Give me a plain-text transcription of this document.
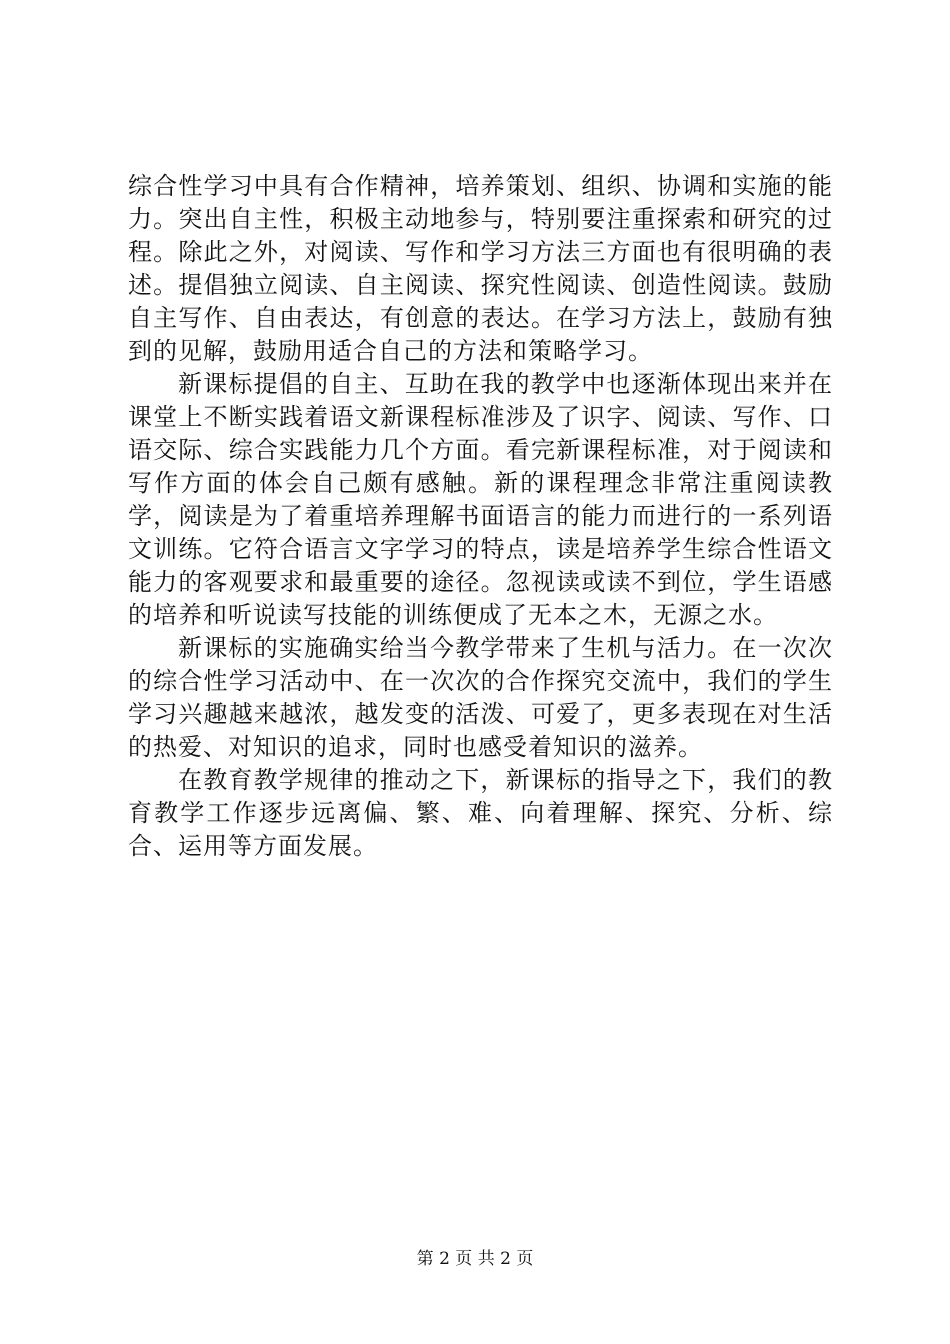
综合性学习中具有合作精神，培养策划、组织、协调和实施的能力。突出自主性，积极主动地参与，特别要注重探索和研究的过程。除此之外，对阅读、写作和学习方法三方面也有很明确的表述。提倡独立阅读、自主阅读、探究性阅读、创造性阅读。鼓励自主写作、自由表达，有创意的表达。在学习方法上，鼓励有独到的见解，鼓励用适合自己的方法和策略学习。

新课标提倡的自主、互助在我的教学中也逐渐体现出来并在课堂上不断实践着语文新课程标准涉及了识字、阅读、写作、口语交际、综合实践能力几个方面。看完新课程标准，对于阅读和写作方面的体会自己颇有感触。新的课程理念非常注重阅读教学，阅读是为了着重培养理解书面语言的能力而进行的一系列语文训练。它符合语言文字学习的特点，读是培养学生综合性语文能力的客观要求和最重要的途径。忽视读或读不到位，学生语感的培养和听说读写技能的训练便成了无本之木，无源之水。

新课标的实施确实给当今教学带来了生机与活力。在一次次的综合性学习活动中、在一次次的合作探究交流中，我们的学生学习兴趣越来越浓，越发变的活泼、可爱了，更多表现在对生活的热爱、对知识的追求，同时也感受着知识的滋养。

在教育教学规律的推动之下，新课标的指导之下，我们的教育教学工作逐步远离偏、繁、难、向着理解、探究、分析、综合、运用等方面发展。

第 2 页 共 2 页
